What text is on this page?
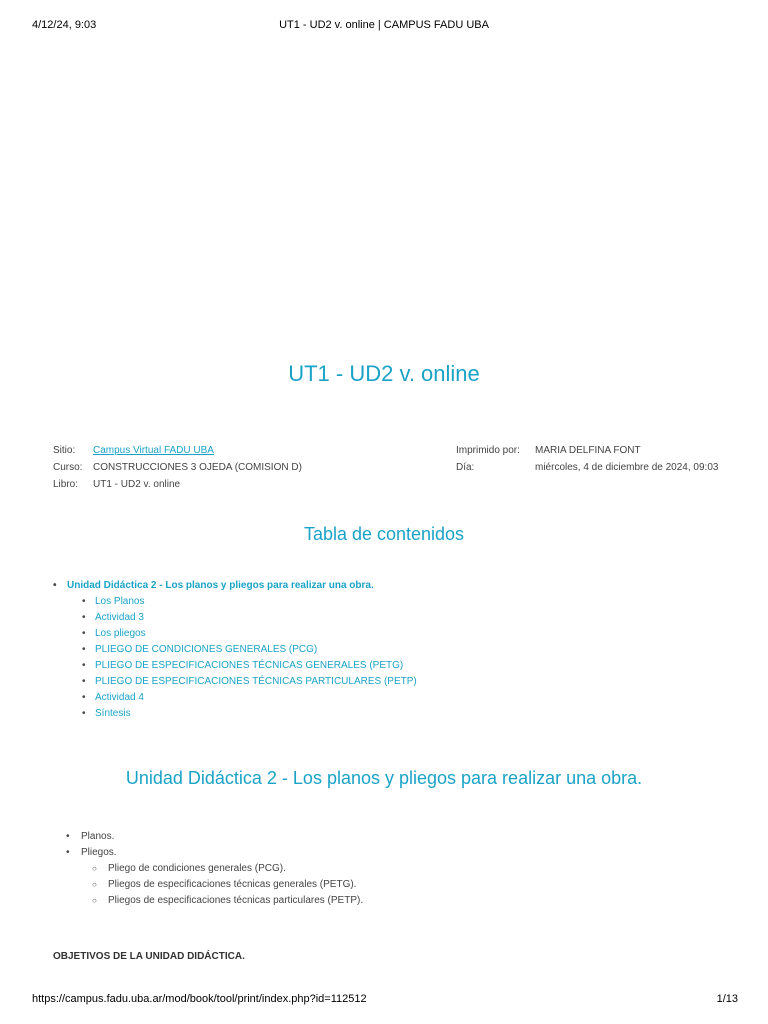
4/12/24, 9:03	UT1 - UD2 v. online | CAMPUS FADU UBA
UT1 - UD2 v. online
Sitio:	Campus Virtual FADU UBA
Curso:	CONSTRUCCIONES 3 OJEDA (COMISION D)
Libro:	UT1 - UD2 v. online
Imprimido por:	MARIA DELFINA FONT
Día:	miércoles, 4 de diciembre de 2024, 09:03
Tabla de contenidos
• Unidad Didáctica 2 - Los planos y pliegos para realizar una obra.
• Los Planos
• Actividad 3
• Los pliegos
• PLIEGO DE CONDICIONES GENERALES (PCG)
• PLIEGO DE ESPECIFICACIONES TÉCNICAS GENERALES (PETG)
• PLIEGO DE ESPECIFICACIONES TÉCNICAS PARTICULARES (PETP)
• Actividad 4
• Síntesis
Unidad Didáctica 2 - Los planos y pliegos para realizar una obra.
• Planos.
• Pliegos.
○ Pliego de condiciones generales (PCG).
○ Pliegos de especificaciones técnicas generales (PETG).
○ Pliegos de especificaciones técnicas particulares (PETP).
OBJETIVOS DE LA UNIDAD DIDÁCTICA.
https://campus.fadu.uba.ar/mod/book/tool/print/index.php?id=112512	1/13
